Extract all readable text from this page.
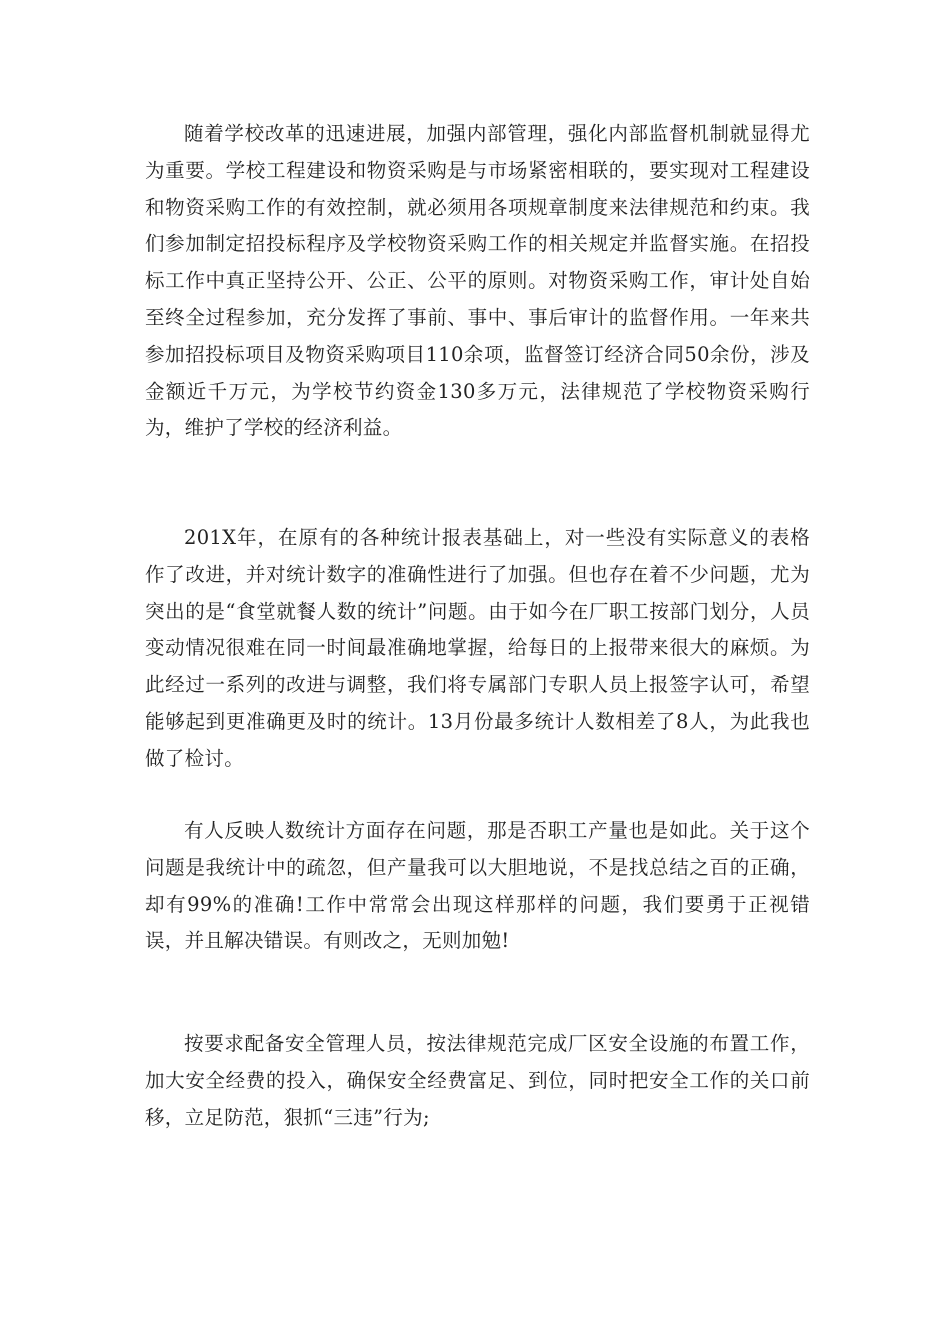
随着学校改革的迅速进展，加强内部管理，强化内部监督机制就显得尤为重要。学校工程建设和物资采购是与市场紧密相联的，要实现对工程建设和物资采购工作的有效控制，就必须用各项规章制度来法律规范和约束。我们参加制定招投标程序及学校物资采购工作的相关规定并监督实施。在招投标工作中真正坚持公开、公正、公平的原则。对物资采购工作，审计处自始至终全过程参加，充分发挥了事前、事中、事后审计的监督作用。一年来共参加招投标项目及物资采购项目110余项，监督签订经济合同50余份，涉及金额近千万元，为学校节约资金130多万元，法律规范了学校物资采购行为，维护了学校的经济利益。

201X年，在原有的各种统计报表基础上，对一些没有实际意义的表格作了改进，并对统计数字的准确性进行了加强。但也存在着不少问题，尤为突出的是“食堂就餐人数的统计”问题。由于如今在厂职工按部门划分，人员变动情况很难在同一时间最准确地掌握，给每日的上报带来很大的麻烦。为此经过一系列的改进与调整，我们将专属部门专职人员上报签字认可，希望能够起到更准确更及时的统计。13月份最多统计人数相差了8人，为此我也做了检讨。

有人反映人数统计方面存在问题，那是否职工产量也是如此。关于这个问题是我统计中的疏忽，但产量我可以大胆地说，不是找总结之百的正确，却有99%的准确!工作中常常会出现这样那样的问题，我们要勇于正视错误，并且解决错误。有则改之，无则加勉!

按要求配备安全管理人员，按法律规范完成厂区安全设施的布置工作，加大安全经费的投入，确保安全经费富足、到位，同时把安全工作的关口前移，立足防范，狠抓“三违”行为;
